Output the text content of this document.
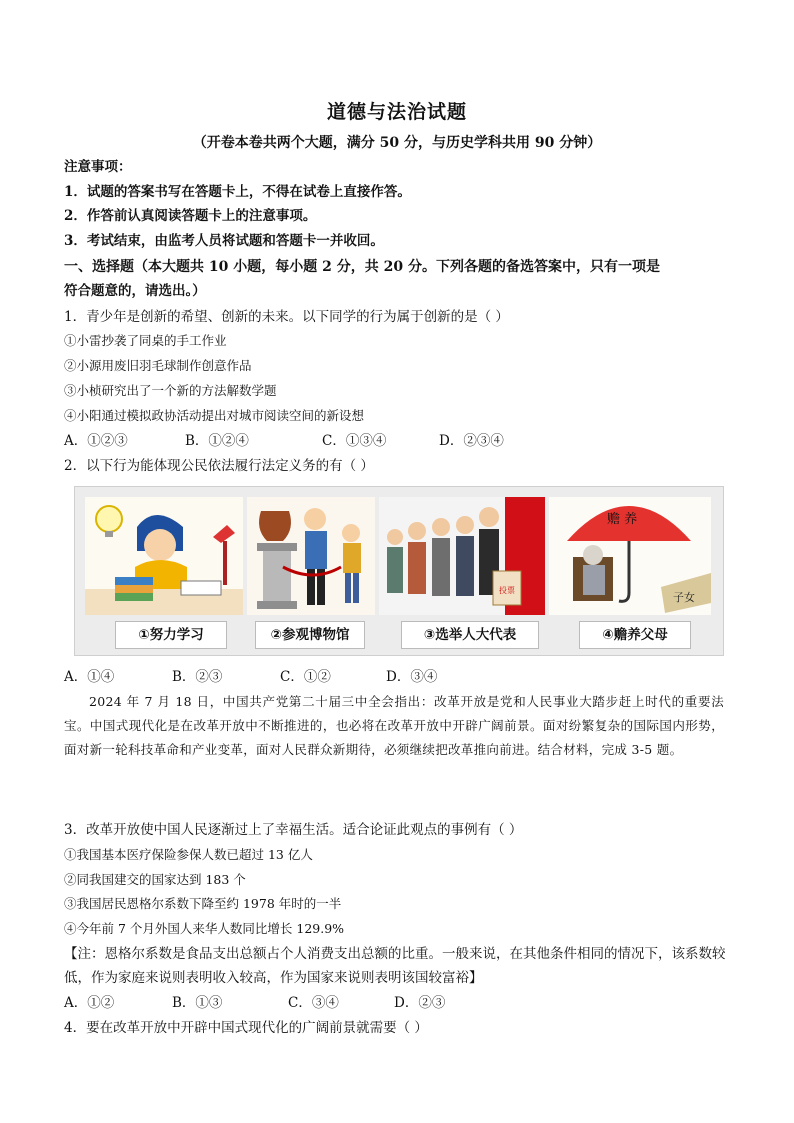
道德与法治试题
（开卷本卷共两个大题，满分 50 分，与历史学科共用 90 分钟）
注意事项：
1．试题的答案书写在答题卡上，不得在试卷上直接作答。
2．作答前认真阅读答题卡上的注意事项。
3．考试结束，由监考人员将试题和答题卡一并收回。
一、选择题（本大题共 10 小题，每小题 2 分，共 20 分。下列各题的备选答案中，只有一项是
符合题意的，请选出。）
1．青少年是创新的希望、创新的未来。以下同学的行为属于创新的是（ ）
①小雷抄袭了同桌的手工作业
②小源用废旧羽毛球制作创意作品
③小桢研究出了一个新的方法解数学题
④小阳通过模拟政协活动提出对城市阅读空间的新设想
A．①②③	B．①②④	C．①③④	D．②③④
2．以下行为能体现公民依法履行法定义务的有（ ）
投票
赡 养
子女
①努力学习	②参观博物馆	③选举人大代表	④赡养父母
A．①④	B．②③	C．①②	D．③④
2024 年 7 月 18 日，中国共产党第二十届三中全会指出：改革开放是党和人民事业大踏步赶上时代的重要法宝。中国式现代化是在改革开放中不断推进的，也必将在改革开放中开辟广阔前景。面对纷繁复杂的国际国内形势，面对新一轮科技革命和产业变革，面对人民群众新期待，必须继续把改革推向前进。结合材料，完成 3-5 题。
3．改革开放使中国人民逐渐过上了幸福生活。适合论证此观点的事例有（ ）
①我国基本医疗保险参保人数已超过 13 亿人
②同我国建交的国家达到 183 个
③我国居民恩格尔系数下降至约 1978 年时的一半
④今年前 7 个月外国人来华人数同比增长 129.9%
【注：恩格尔系数是食品支出总额占个人消费支出总额的比重。一般来说，在其他条件相同的情况下，该系数较低，作为家庭来说则表明收入较高，作为国家来说则表明该国较富裕】
A．①②	B．①③	C．③④	D．②③
4．要在改革开放中开辟中国式现代化的广阔前景就需要（ ）
